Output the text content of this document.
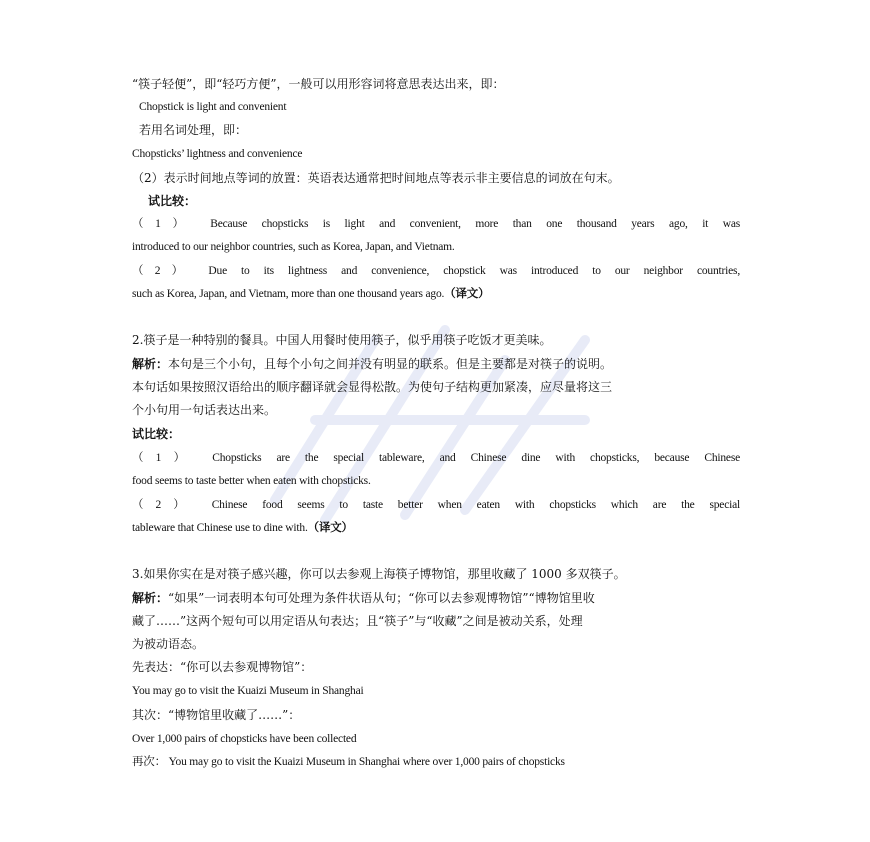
“筷子轻便”，即“轻巧方便”，一般可以用形容词将意思表达出来，即：
Chopstick is light and convenient
若用名词处理，即：
Chopsticks’ lightness and convenience
（2）表示时间地点等词的放置：英语表达通常把时间地点等表示非主要信息的词放在句末。
试比较：
（1） Because chopsticks is light and convenient, more than one thousand years ago, it was
introduced to our neighbor countries, such as Korea, Japan, and Vietnam.
（2） Due to its lightness and convenience, chopstick was introduced to our neighbor countries,
such as Korea, Japan, and Vietnam, more than one thousand years ago.（译文）
2.筷子是一种特别的餐具。中国人用餐时使用筷子，似乎用筷子吃饭才更美味。
解析：本句是三个小句，且每个小句之间并没有明显的联系。但是主要都是对筷子的说明。
本句话如果按照汉语给出的顺序翻译就会显得松散。为使句子结构更加紧凑，应尽量将这三
个小句用一句话表达出来。
试比较：
（1） Chopsticks are the special tableware, and Chinese dine with chopsticks, because Chinese
food seems to taste better when eaten with chopsticks.
（2） Chinese food seems to taste better when eaten with chopsticks which are the special
tableware that Chinese use to dine with.（译文）
3.如果你实在是对筷子感兴趣，你可以去参观上海筷子博物馆，那里收藏了 1000 多双筷子。
解析：“如果”一词表明本句可处理为条件状语从句；“你可以去参观博物馆”“博物馆里收
藏了……”这两个短句可以用定语从句表达；且“筷子”与“收藏”之间是被动关系，处理
为被动语态。
先表达：“你可以去参观博物馆”：
You may go to visit the Kuaizi Museum in Shanghai
其次：“博物馆里收藏了……”：
Over 1,000 pairs of chopsticks have been collected
再次： You may go to visit the Kuaizi Museum in Shanghai where over 1,000 pairs of chopsticks
